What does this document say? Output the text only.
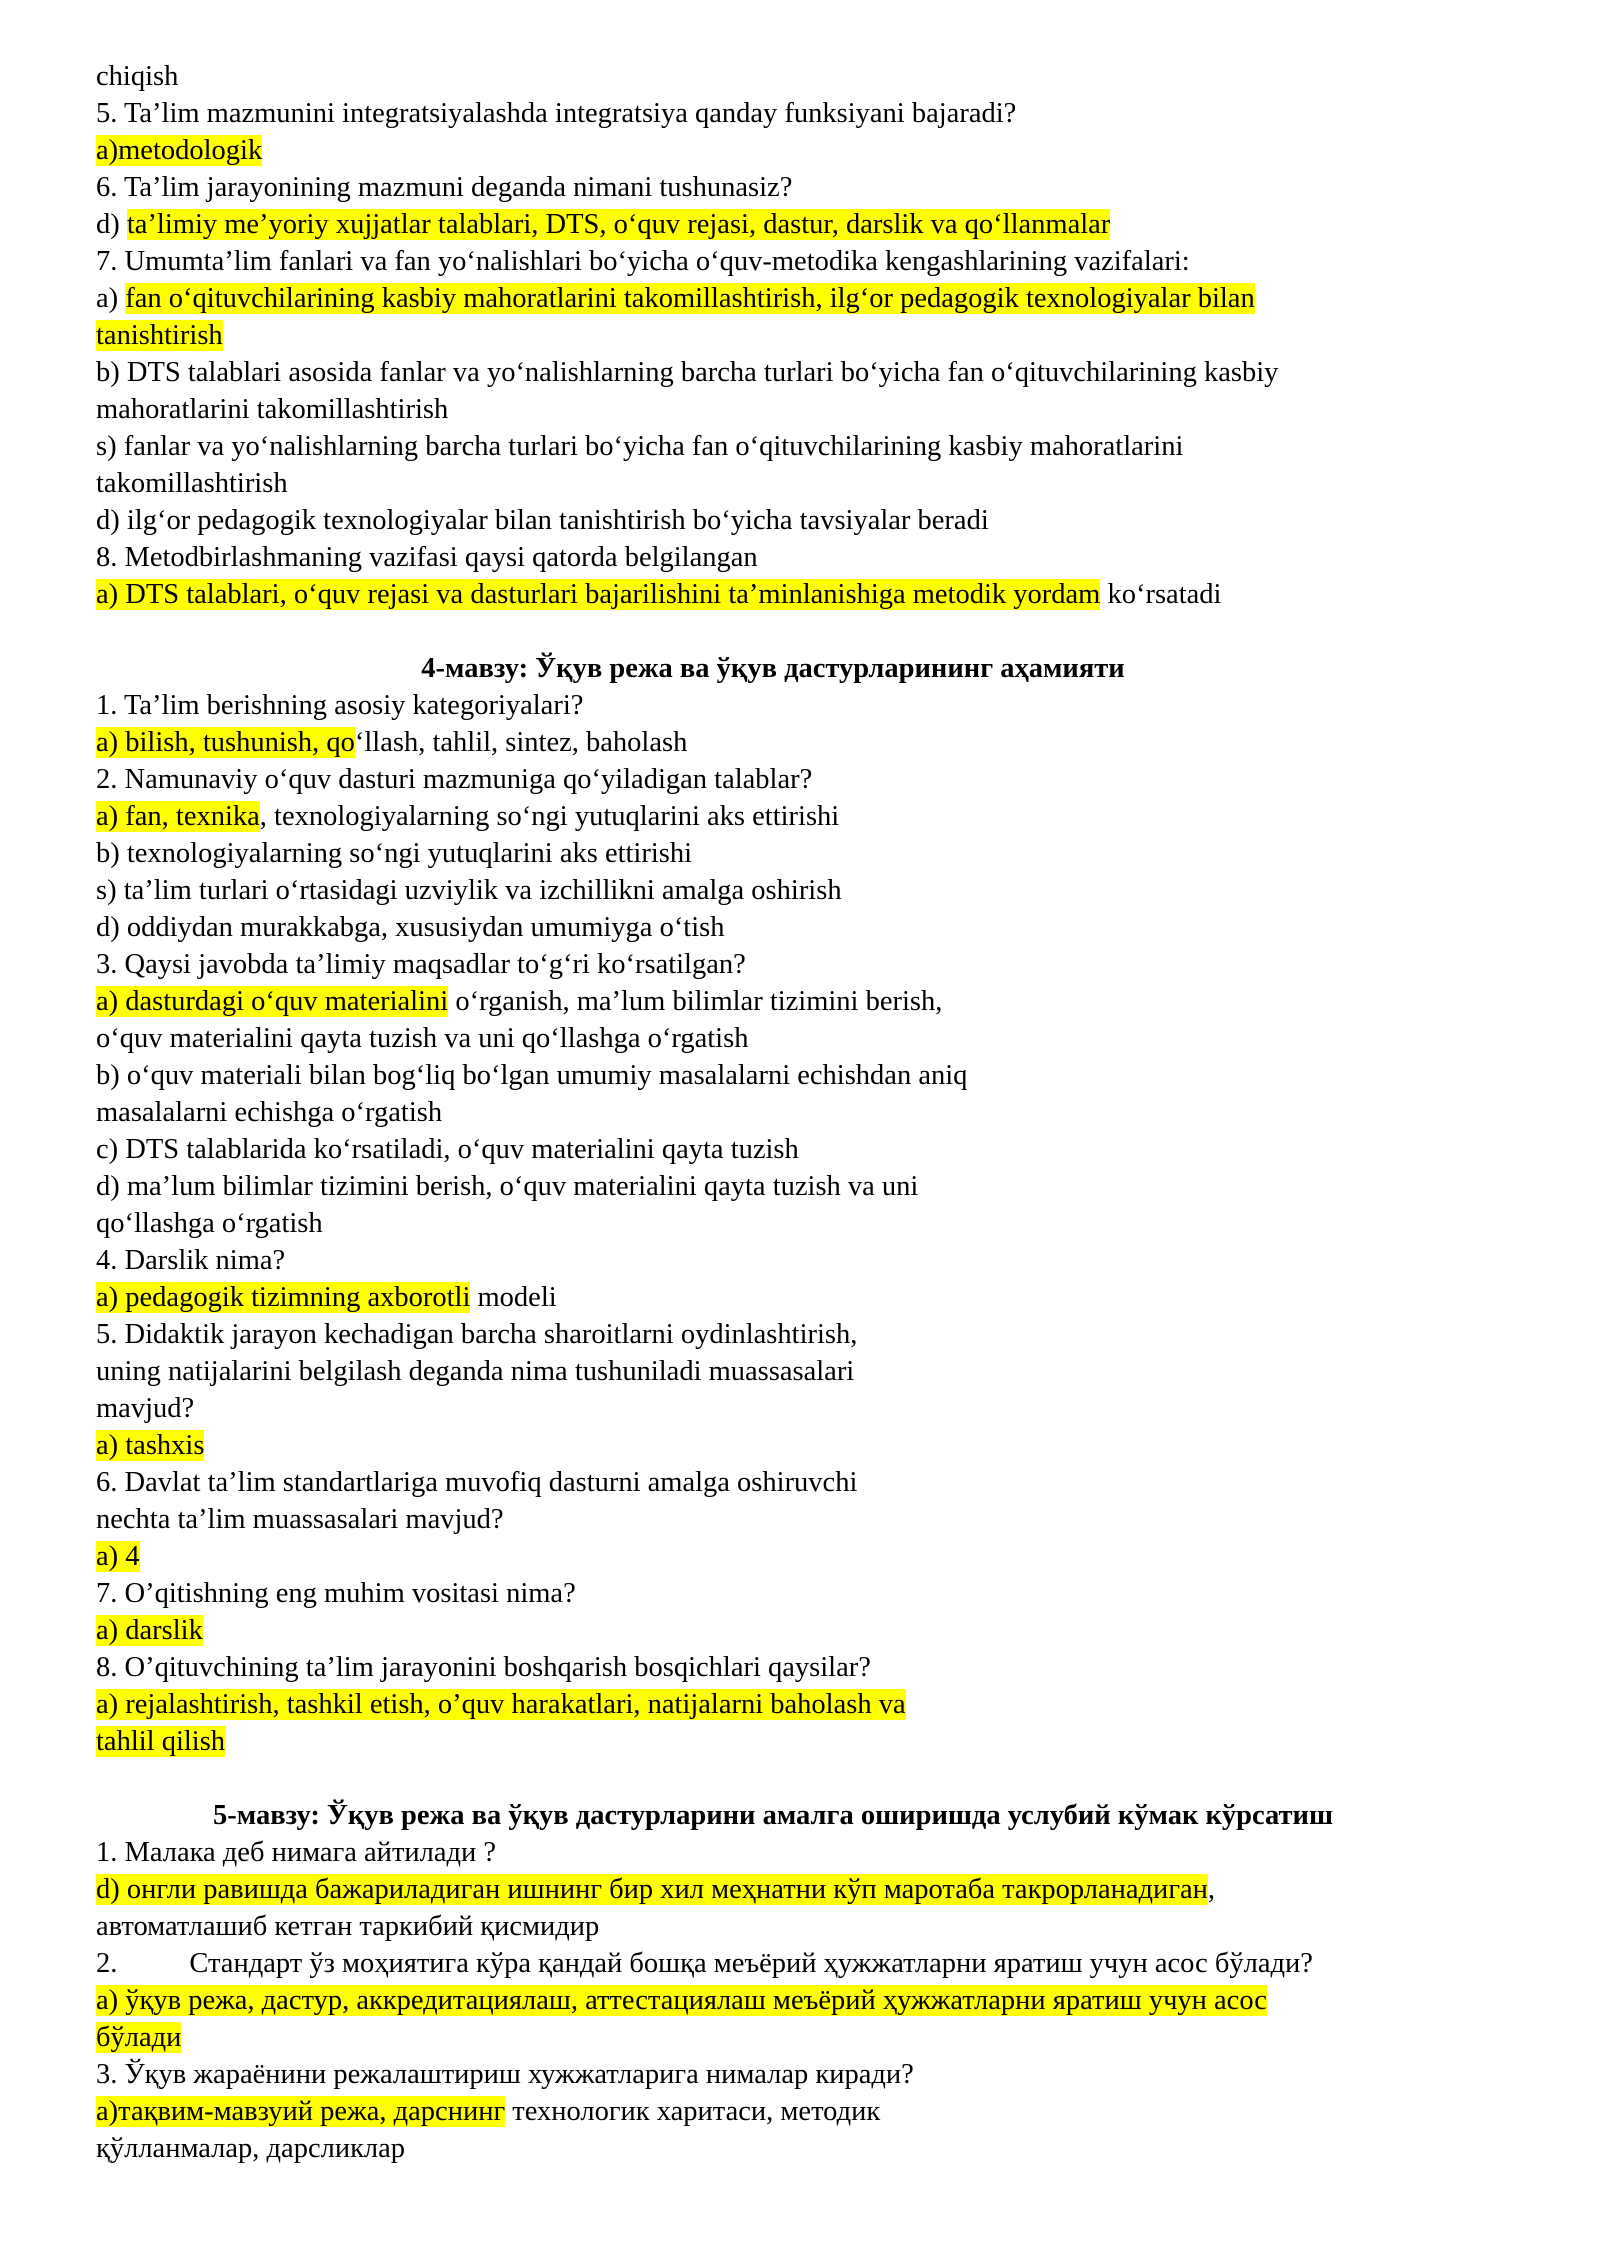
chiqish

5. Ta’lim mazmunini integratsiyalashda integratsiya qanday funksiyani bajaradi?

a)metodologik

6. Ta’lim jarayonining mazmuni deganda nimani tushunasiz?

d) ta’limiy me’yoriy xujjatlar talablari, DTS, o‘quv rejasi, dastur, darslik va qo‘llanmalar

7. Umumta’lim fanlari va fan yo‘nalishlari bo‘yicha o‘quv-metodika kengashlarining vazifalari:

a) fan o‘qituvchilarining kasbiy mahoratlarini takomillashtirish, ilg‘or pedagogik texnologiyalar bilan

tanishtirish

b) DTS talablari asosida fanlar va yo‘nalishlarning barcha turlari bo‘yicha fan o‘qituvchilarining kasbiy

mahoratlarini takomillashtirish

s) fanlar va yo‘nalishlarning barcha turlari bo‘yicha fan o‘qituvchilarining kasbiy mahoratlarini

takomillashtirish

d) ilg‘or pedagogik texnologiyalar bilan tanishtirish bo‘yicha tavsiyalar beradi

8. Metodbirlashmaning vazifasi qaysi qatorda belgilangan

a) DTS talablari, o‘quv rejasi va dasturlari bajarilishini ta’minlanishiga metodik yordam ko‘rsatadi

4-мавзу: Ўқув режа ва ўқув дастурларининг аҳамияти

1. Ta’lim berishning asosiy kategoriyalari?

a) bilish, tushunish, qo‘llash, tahlil, sintez, baholash

2. Namunaviy o‘quv dasturi mazmuniga qo‘yiladigan talablar?

a) fan, texnika, texnologiyalarning so‘ngi yutuqlarini aks ettirishi

b) texnologiyalarning so‘ngi yutuqlarini aks ettirishi

s) ta’lim turlari o‘rtasidagi uzviylik va izchillikni amalga oshirish

d) oddiydan murakkabga, xususiydan umumiyga o‘tish

3. Qaysi javobda ta’limiy maqsadlar to‘g‘ri ko‘rsatilgan?

a) dasturdagi o‘quv materialini o‘rganish, ma’lum bilimlar tizimini berish,

o‘quv materialini qayta tuzish va uni qo‘llashga o‘rgatish

b) o‘quv materiali bilan bog‘liq bo‘lgan umumiy masalalarni echishdan aniq

masalalarni echishga o‘rgatish

c) DTS talablarida ko‘rsatiladi, o‘quv materialini qayta tuzish

d) ma’lum bilimlar tizimini berish, o‘quv materialini qayta tuzish va uni

qo‘llashga o‘rgatish

4. Darslik nima?

a) pedagogik tizimning axborotli modeli

5. Didaktik jarayon kechadigan barcha sharoitlarni oydinlashtirish,

uning natijalarini belgilash deganda nima tushuniladi muassasalari

mavjud?

a) tashxis

6. Davlat ta’lim standartlariga muvofiq dasturni amalga oshiruvchi

nechta ta’lim muassasalari mavjud?

a) 4

7. O’qitishning eng muhim vositasi nima?

a) darslik

8. O’qituvchining ta’lim jarayonini boshqarish bosqichlari qaysilar?

a) rejalashtirish, tashkil etish, o’quv harakatlari, natijalarni baholash va

tahlil qilish

5-мавзу: Ўқув режа ва ўқув дастурларини амалга оширишда услубий кўмак кўрсатиш

1. Малака деб нимага айтилади ?

d) онгли равишда бажариладиган ишнинг бир хил меҳнатни кўп маротаба такрорланадиган,

автоматлашиб кетган таркибий қисмидир

2.	Стандарт ўз моҳиятига кўра қандай бошқа меъёрий ҳужжатларни яратиш учун асос бўлади?

а) ўқув режа, дастур, аккредитациялаш, аттестациялаш меъёрий ҳужжатларни яратиш учун асос

бўлади

3. Ўқув жараёнини режалаштириш хужжатларига нималар киради?

а)тақвим-мавзуий режа, дарснинг технологик харитаси, методик

қўлланмалар, дарсликлар
